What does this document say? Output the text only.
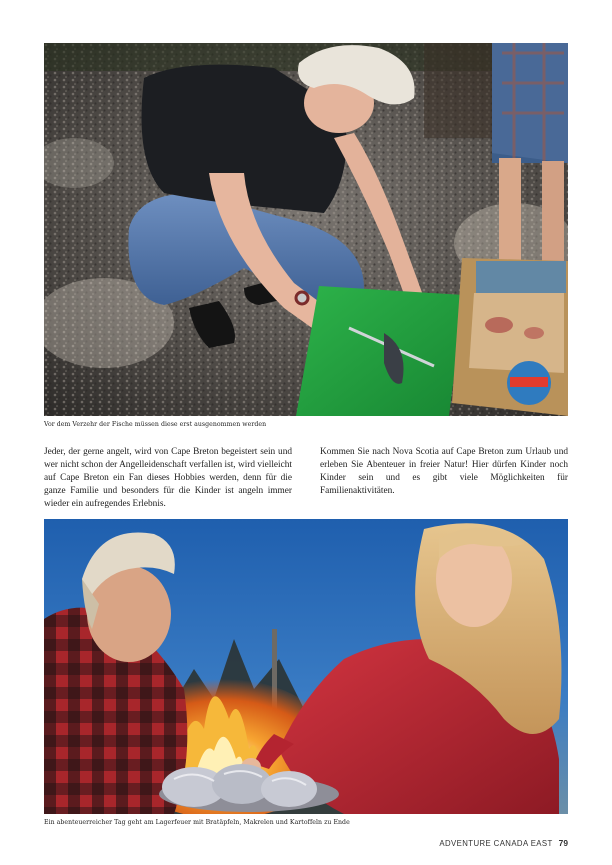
Vor dem Verzehr der Fische müssen diese erst ausgenommen werden
Jeder, der gerne angelt, wird von Cape Breton begeistert sein und wer nicht schon der Angelleidenschaft verfallen ist, wird vielleicht auf Cape Breton ein Fan dieses Hobbies werden, denn für die ganze Familie und besonders für die Kinder ist angeln immer wieder ein aufregendes Erlebnis.
Kommen Sie nach Nova Scotia auf Cape Breton zum Urlaub und erleben Sie Abenteuer in freier Natur! Hier dürfen Kinder noch Kinder sein und es gibt viele Möglichkeiten für Familienaktivitäten.
Ein abenteuerreicher Tag geht am Lagerfeuer mit Bratäpfeln, Makrelen und Kartoffeln zu Ende
ADVENTURE CANADA EAST 79
